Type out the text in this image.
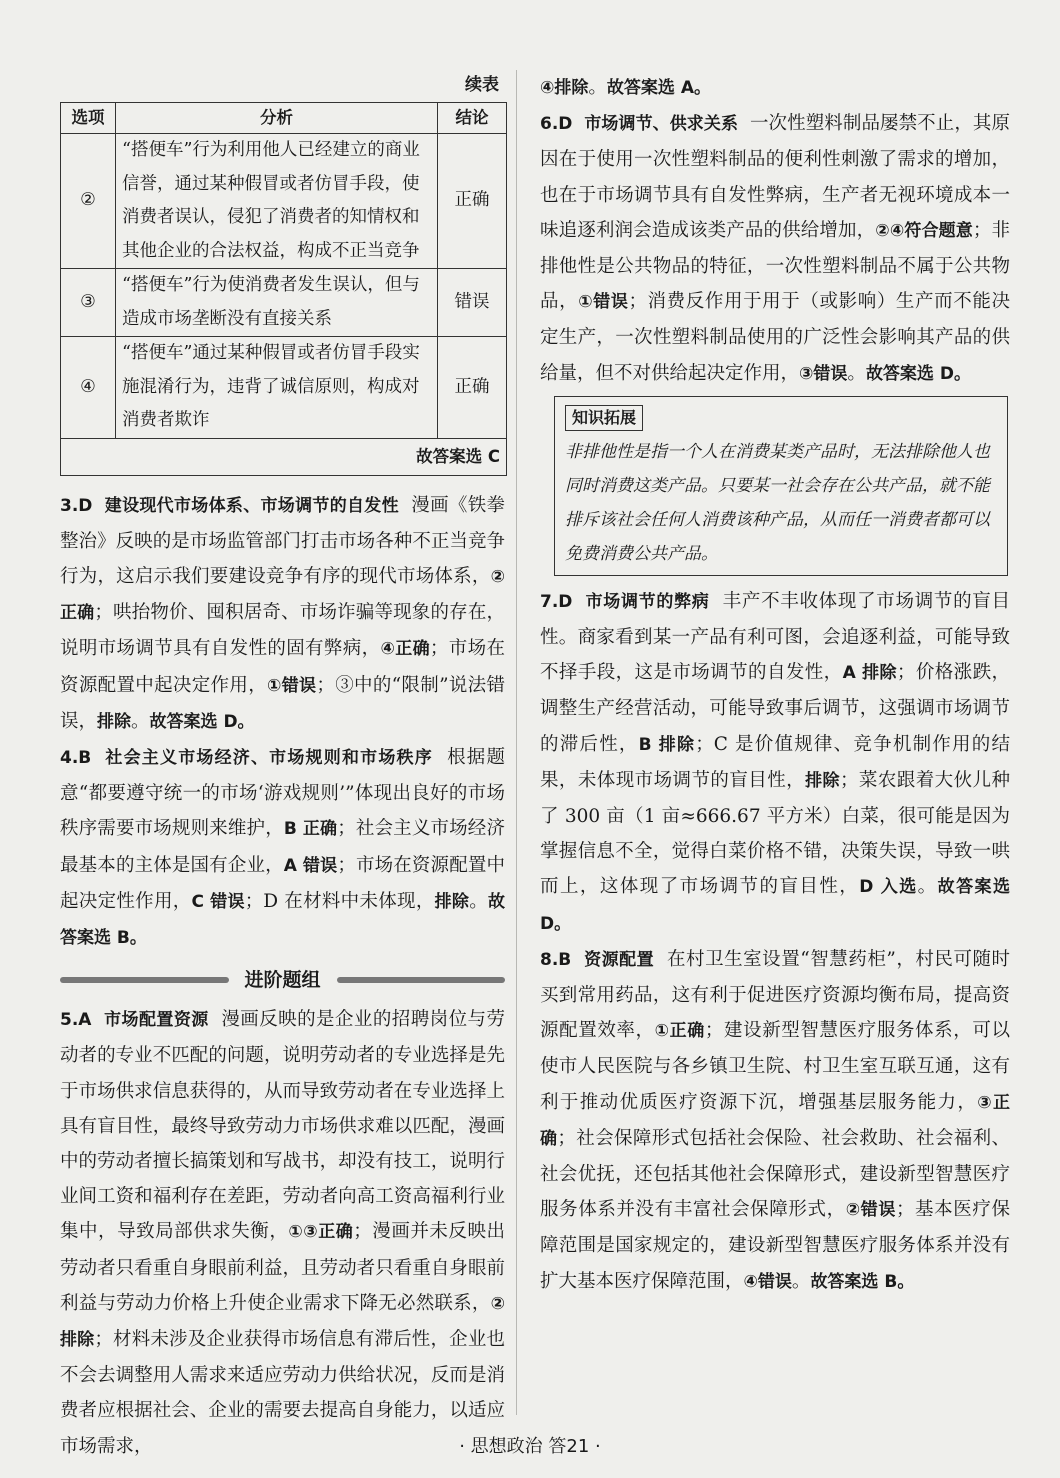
续表
选项	分析	结论
②	“搭便车”行为利用他人已经建立的商业信誉，通过某种假冒或者仿冒手段，使消费者误认，侵犯了消费者的知情权和其他企业的合法权益，构成不正当竞争	正确
③	“搭便车”行为使消费者发生误认，但与造成市场垄断没有直接关系	错误
④	“搭便车”通过某种假冒或者仿冒手段实施混淆行为，违背了诚信原则，构成对消费者欺诈	正确
故答案选 C		

3.D 建设现代市场体系、市场调节的自发性 漫画《铁拳整治》反映的是市场监管部门打击市场各种不正当竞争行为，这启示我们要建设竞争有序的现代市场体系，②正确；哄抬物价、囤积居奇、市场诈骗等现象的存在，说明市场调节具有自发性的固有弊病，④正确；市场在资源配置中起决定作用，①错误；③中的“限制”说法错误，排除。故答案选 D。

4.B 社会主义市场经济、市场规则和市场秩序 根据题意“都要遵守统一的市场‘游戏规则’”体现出良好的市场秩序需要市场规则来维护，B 正确；社会主义市场经济最基本的主体是国有企业，A 错误；市场在资源配置中起决定性作用，C 错误；D 在材料中未体现，排除。故答案选 B。

进阶题组

5.A 市场配置资源 漫画反映的是企业的招聘岗位与劳动者的专业不匹配的问题，说明劳动者的专业选择是先于市场供求信息获得的，从而导致劳动者在专业选择上具有盲目性，最终导致劳动力市场供求难以匹配，漫画中的劳动者擅长搞策划和写战书，却没有技工，说明行业间工资和福利存在差距，劳动者向高工资高福利行业集中，导致局部供求失衡，①③正确；漫画并未反映出劳动者只看重自身眼前利益，且劳动者只看重自身眼前利益与劳动力价格上升使企业需求下降无必然联系，②排除；材料未涉及企业获得市场信息有滞后性，企业也不会去调整用人需求来适应劳动力供给状况，反而是消费者应根据社会、企业的需要去提高自身能力，以适应市场需求，

④排除。故答案选 A。

6.D 市场调节、供求关系 一次性塑料制品屡禁不止，其原因在于使用一次性塑料制品的便利性刺激了需求的增加，也在于市场调节具有自发性弊病，生产者无视环境成本一味追逐利润会造成该类产品的供给增加，②④符合题意；非排他性是公共物品的特征，一次性塑料制品不属于公共物品，①错误；消费反作用于用于（或影响）生产而不能决定生产，一次性塑料制品使用的广泛性会影响其产品的供给量，但不对供给起决定作用，③错误。故答案选 D。

知识拓展
非排他性是指一个人在消费某类产品时，无法排除他人也同时消费这类产品。只要某一社会存在公共产品，就不能排斥该社会任何人消费该种产品，从而任一消费者都可以免费消费公共产品。

7.D 市场调节的弊病 丰产不丰收体现了市场调节的盲目性。商家看到某一产品有利可图，会追逐利益，可能导致不择手段，这是市场调节的自发性，A 排除；价格涨跌，调整生产经营活动，可能导致事后调节，这强调市场调节的滞后性，B 排除；C 是价值规律、竞争机制作用的结果，未体现市场调节的盲目性，排除；菜农跟着大伙儿种了 300 亩（1 亩≈666.67 平方米）白菜，很可能是因为掌握信息不全，觉得白菜价格不错，决策失误，导致一哄而上，这体现了市场调节的盲目性，D 入选。故答案选 D。

8.B 资源配置 在村卫生室设置“智慧药柜”，村民可随时买到常用药品，这有利于促进医疗资源均衡布局，提高资源配置效率，①正确；建设新型智慧医疗服务体系，可以使市人民医院与各乡镇卫生院、村卫生室互联互通，这有利于推动优质医疗资源下沉，增强基层服务能力，③正确；社会保障形式包括社会保险、社会救助、社会福利、社会优抚，还包括其他社会保障形式，建设新型智慧医疗服务体系并没有丰富社会保障形式，②错误；基本医疗保障范围是国家规定的，建设新型智慧医疗服务体系并没有扩大基本医疗保障范围，④错误。故答案选 B。

· 思想政治 答21 ·
